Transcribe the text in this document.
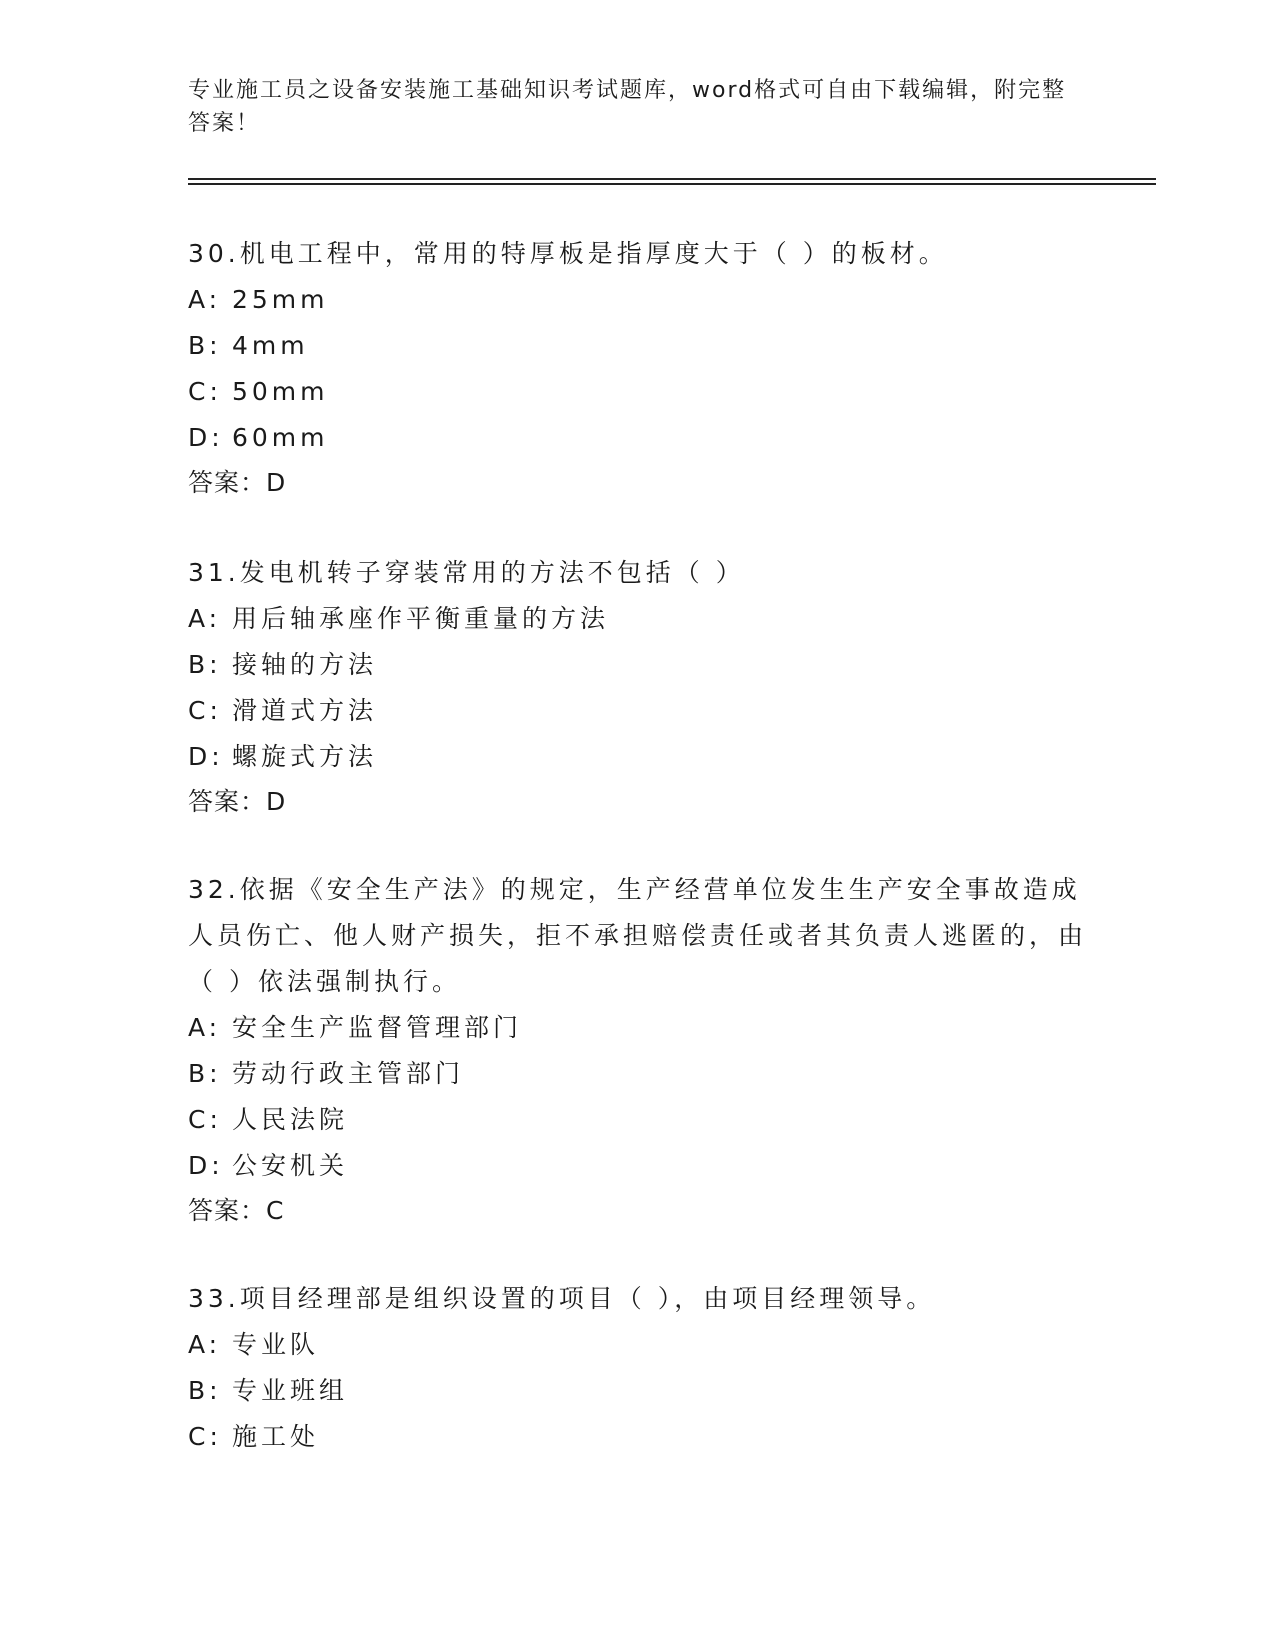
专业施工员之设备安装施工基础知识考试题库，word格式可自由下载编辑，附完整答案！
30.机电工程中，常用的特厚板是指厚度大于（ ）的板材。
A: 25mm
B: 4mm
C: 50mm
D: 60mm
答案：D
31.发电机转子穿装常用的方法不包括（ ）
A: 用后轴承座作平衡重量的方法
B: 接轴的方法
C: 滑道式方法
D: 螺旋式方法
答案：D
32.依据《安全生产法》的规定，生产经营单位发生生产安全事故造成人员伤亡、他人财产损失，拒不承担赔偿责任或者其负责人逃匿的，由（ ）依法强制执行。
A: 安全生产监督管理部门
B: 劳动行政主管部门
C: 人民法院
D: 公安机关
答案：C
33.项目经理部是组织设置的项目（ ），由项目经理领导。
A: 专业队
B: 专业班组
C: 施工处
